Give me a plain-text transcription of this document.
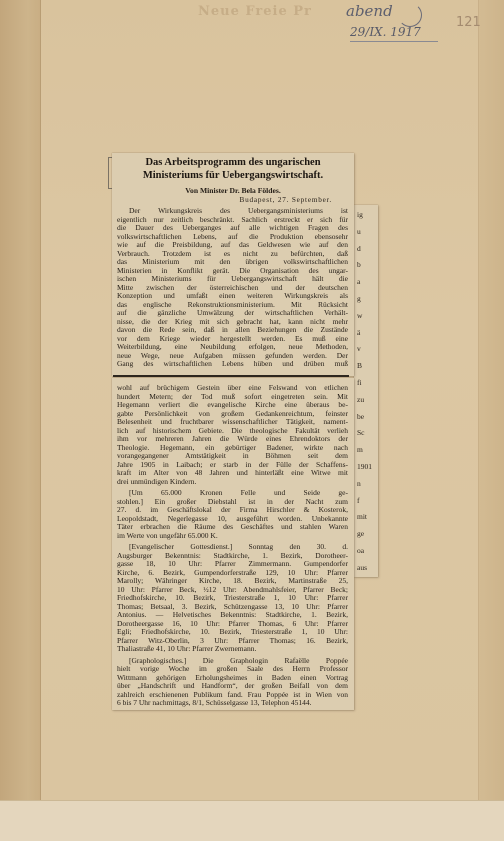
Neue Freie Pr abend
29/IX. 1917
121
ig
u
d
b
a
g
w
ä
v
B
fi
zu
be
Sc
m
1901
n
f
mit
ge
oa
aus
Das Arbeitsprogramm des ungarischen
Ministeriums für Uebergangswirtschaft.
Von Minister Dr. Bela Földes.
Budapest, 27. September.
Der Wirkungskreis des Uebergangsministeriums ist
eigentlich nur zeitlich beschränkt. Sachlich erstreckt er sich für
die Dauer des Ueberganges auf alle wichtigen Fragen des
volkswirtschaftlichen Lebens, auf die Produktion ebensosehr
wie auf die Preisbildung, auf das Geldwesen wie auf den
Verbrauch. Trotzdem ist es nicht zu befürchten, daß
das Ministerium mit den übrigen volkswirtschaftlichen
Ministerien in Konflikt gerät. Die Organisation des ungar-
ischen Ministeriums für Uebergangswirtschaft hält die
Mitte zwischen der österreichischen und der deutschen
Konzeption und umfaßt einen weiteren Wirkungskreis als
das englische Rekonstruktionsministerium. Mit Rücksicht
auf die gänzliche Umwälzung der wirtschaftlichen Verhält-
nisse, die der Krieg mit sich gebracht hat, kann nicht mehr
davon die Rede sein, daß in allen Beziehungen die Zustände
vor dem Kriege wieder hergestellt werden. Es muß eine
Weiterbildung, eine Neubildung erfolgen, neue Methoden,
neue Wege, neue Aufgaben müssen gefunden werden. Der
Gang des wirtschaftlichen Lebens hüben und drüben muß
wohl auf brüchigem Gestein über eine Felswand von etlichen
hundert Metern; der Tod muß sofort eingetreten sein. Mit
Hegemann verliert die evangelische Kirche eine überaus be-
gabte Persönlichkeit von großem Gedankenreichtum, feinster
Belesenheit und fruchtbarer wissenschaftlicher Tätigkeit, nament-
lich auf historischem Gebiete. Die theologische Fakultät verlieh
ihm vor mehreren Jahren die Würde eines Ehrendoktors der
Theologie. Hegemann, ein gebürtiger Badener, wirkte nach
vorangegangener Amtstätigkeit in Böhmen seit dem
Jahre 1905 in Laibach; er starb in der Fülle der Schaffens-
kraft im Alter von 48 Jahren und hinterläßt eine Witwe mit
drei unmündigen Kindern.
[Um 65.000 Kronen Felle und Seide ge-
stohlen.] Ein großer Diebstahl ist in der Nacht zum
27. d. im Geschäftslokal der Firma Hirschler & Kosterok,
Leopoldstadt, Negerlegasse 10, ausgeführt worden. Unbekannte
Täter erbrachen die Räume des Geschäftes und stahlen Waren
im Werte von ungefähr 65.000 K.
[Evangelischer Gottesdienst.] Sonntag den 30. d.
Augsburger Bekenntnis: Stadtkirche, 1. Bezirk, Dorotheer-
gasse 18, 10 Uhr: Pfarrer Zimmermann. Gumpendorfer
Kirche, 6. Bezirk, Gumpendorferstraße 129, 10 Uhr: Pfarrer
Marolly; Währinger Kirche, 18. Bezirk, Martinstraße 25,
10 Uhr: Pfarrer Beck, ½12 Uhr: Abendmahlsfeier, Pfarrer Beck;
Friedhofskirche, 10. Bezirk, Triesterstraße 1, 10 Uhr: Pfarrer
Thomas; Betsaal, 3. Bezirk, Schützengasse 13, 10 Uhr: Pfarrer
Antonius. — Helvetisches Bekenntnis: Stadtkirche, 1. Bezirk,
Dorotheergasse 16, 10 Uhr: Pfarrer Thomas, 6 Uhr: Pfarrer
Egli; Friedhofskirche, 10. Bezirk, Triesterstraße 1, 10 Uhr:
Pfarrer Witz-Oberlin, 3 Uhr: Pfarrer Thomas; 16. Bezirk,
Thaliastraße 41, 10 Uhr: Pfarrer Zwernemann.
[Graphologisches.] Die Graphologin Rafaëlle Poppée
hielt vorige Woche im großen Saale des Herrn Professor
Wittmann gehörigen Erholungsheimes in Baden einen Vortrag
über „Handschrift und Handform“, der großen Beifall von dem
zahlreich erschienenen Publikum fand. Frau Poppée ist in Wien von
6 bis 7 Uhr nachmittags, 8/1, Schüsselgasse 13, Telephon 45144.
